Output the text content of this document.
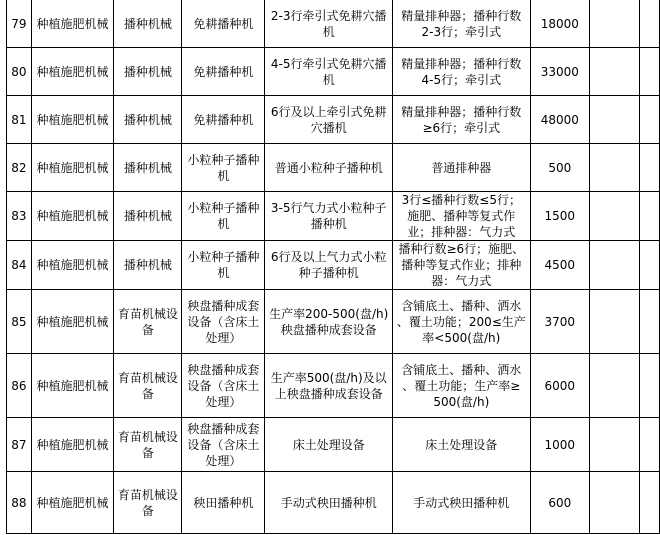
79	种植施肥机械	播种机械	免耕播种机	2-3行牵引式免耕穴播
机	精量排种器；播种行数
2-3行；牵引式	18000		
80	种植施肥机械	播种机械	免耕播种机	4-5行牵引式免耕穴播
机	精量排种器；播种行数
4-5行；牵引式	33000		
81	种植施肥机械	播种机械	免耕播种机	6行及以上牵引式免耕
穴播机	精量排种器；播种行数
≥6行；牵引式	48000		
82	种植施肥机械	播种机械	小粒种子播种
机	普通小粒种子播种机	普通排种器	500		
83	种植施肥机械	播种机械	小粒种子播种
机	3-5行气力式小粒种子
播种机	3行≤播种行数≤5行；
施肥、播种等复式作
业；排种器：气力式	1500		
84	种植施肥机械	播种机械	小粒种子播种
机	6行及以上气力式小粒
种子播种机	播种行数≥6行；施肥、
播种等复式作业；排种
器：气力式	4500		
85	种植施肥机械	育苗机械设
备	秧盘播种成套
设备（含床土
处理）	生产率200-500(盘/h)
秧盘播种成套设备	含铺底土、播种、洒水
、覆土功能；200≤生产
率<500(盘/h)	3700		
86	种植施肥机械	育苗机械设
备	秧盘播种成套
设备（含床土
处理）	生产率500(盘/h)及以
上秧盘播种成套设备	含铺底土、播种、洒水
、覆土功能；生产率≥
500(盘/h)	6000		
87	种植施肥机械	育苗机械设
备	秧盘播种成套
设备（含床土
处理）	床土处理设备	床土处理设备	1000		
88	种植施肥机械	育苗机械设
备	秧田播种机	手动式秧田播种机	手动式秧田播种机	600		
